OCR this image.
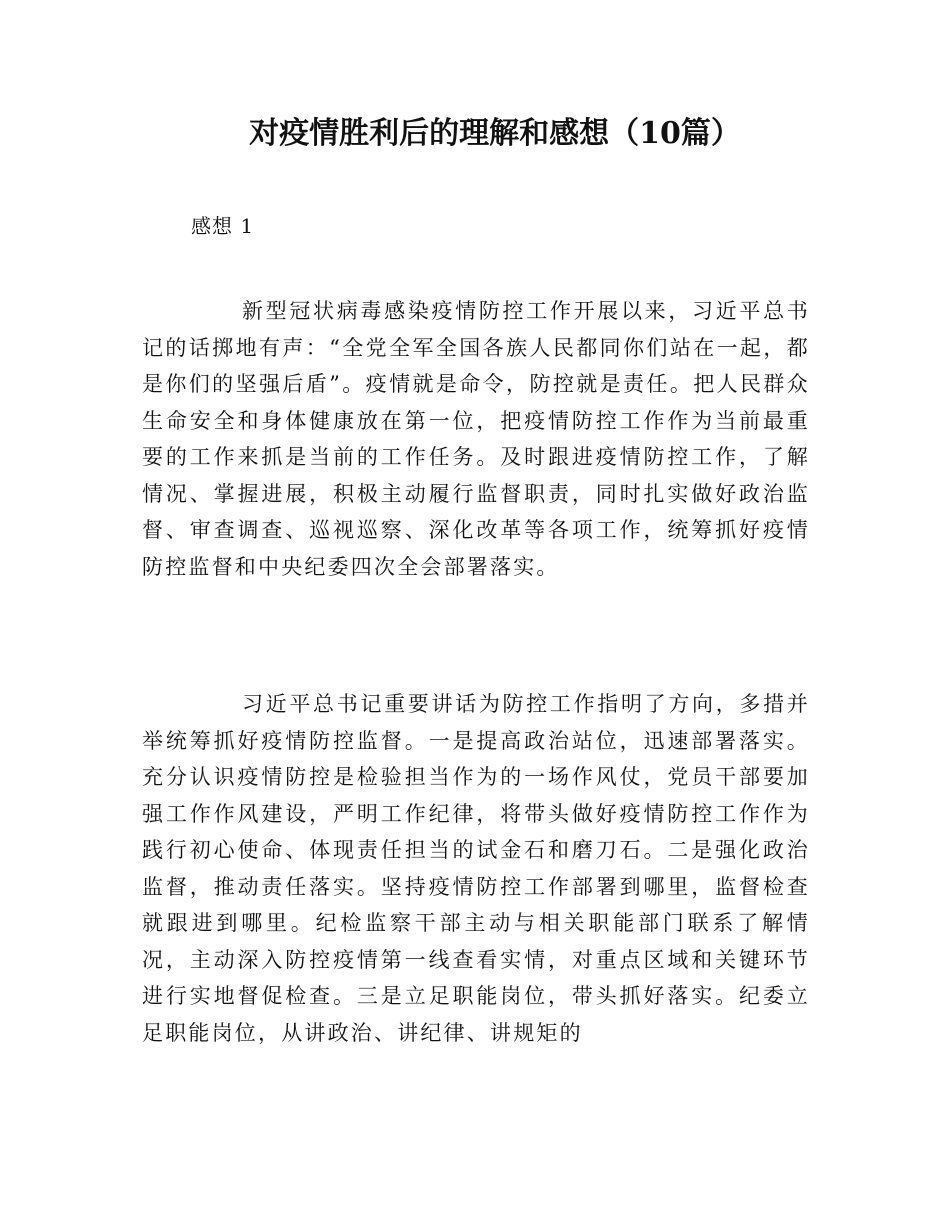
对疫情胜利后的理解和感想（10篇）

感想 1

新型冠状病毒感染疫情防控工作开展以来，习近平总书记的话掷地有声：“全党全军全国各族人民都同你们站在一起，都是你们的坚强后盾”。疫情就是命令，防控就是责任。把人民群众生命安全和身体健康放在第一位，把疫情防控工作作为当前最重要的工作来抓是当前的工作任务。及时跟进疫情防控工作，了解情况、掌握进展，积极主动履行监督职责，同时扎实做好政治监督、审查调查、巡视巡察、深化改革等各项工作，统筹抓好疫情防控监督和中央纪委四次全会部署落实。

习近平总书记重要讲话为防控工作指明了方向，多措并举统筹抓好疫情防控监督。一是提高政治站位，迅速部署落实。充分认识疫情防控是检验担当作为的一场作风仗，党员干部要加强工作作风建设，严明工作纪律，将带头做好疫情防控工作作为践行初心使命、体现责任担当的试金石和磨刀石。二是强化政治监督，推动责任落实。坚持疫情防控工作部署到哪里，监督检查就跟进到哪里。纪检监察干部主动与相关职能部门联系了解情况，主动深入防控疫情第一线查看实情，对重点区域和关键环节进行实地督促检查。三是立足职能岗位，带头抓好落实。纪委立足职能岗位，从讲政治、讲纪律、讲规矩的
